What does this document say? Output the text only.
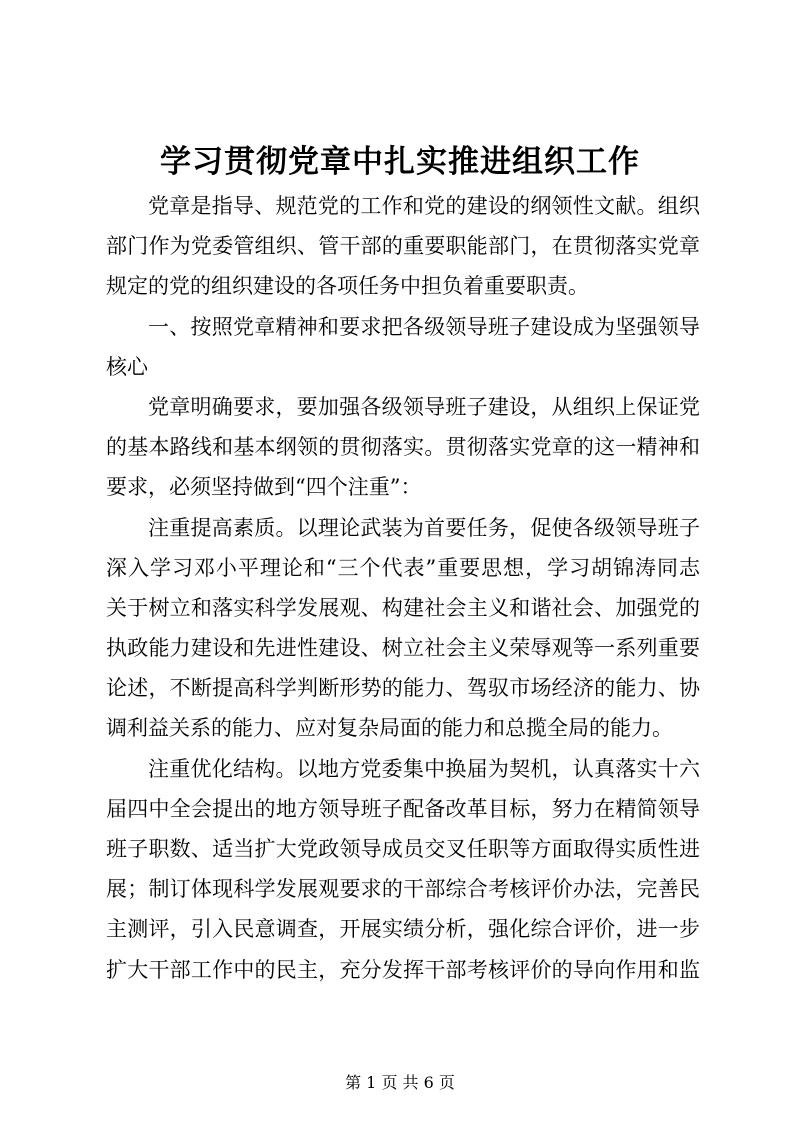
学习贯彻党章中扎实推进组织工作
党章是指导、规范党的工作和党的建设的纲领性文献。组织
部门作为党委管组织、管干部的重要职能部门，在贯彻落实党章
规定的党的组织建设的各项任务中担负着重要职责。
一、按照党章精神和要求把各级领导班子建设成为坚强领导
核心
党章明确要求，要加强各级领导班子建设，从组织上保证党
的基本路线和基本纲领的贯彻落实。贯彻落实党章的这一精神和
要求，必须坚持做到“四个注重”：
注重提高素质。以理论武装为首要任务，促使各级领导班子
深入学习邓小平理论和“三个代表”重要思想，学习胡锦涛同志
关于树立和落实科学发展观、构建社会主义和谐社会、加强党的
执政能力建设和先进性建设、树立社会主义荣辱观等一系列重要
论述，不断提高科学判断形势的能力、驾驭市场经济的能力、协
调利益关系的能力、应对复杂局面的能力和总揽全局的能力。
注重优化结构。以地方党委集中换届为契机，认真落实十六
届四中全会提出的地方领导班子配备改革目标，努力在精简领导
班子职数、适当扩大党政领导成员交叉任职等方面取得实质性进
展；制订体现科学发展观要求的干部综合考核评价办法，完善民
主测评，引入民意调查，开展实绩分析，强化综合评价，进一步
扩大干部工作中的民主，充分发挥干部考核评价的导向作用和监
第 1 页 共 6 页
